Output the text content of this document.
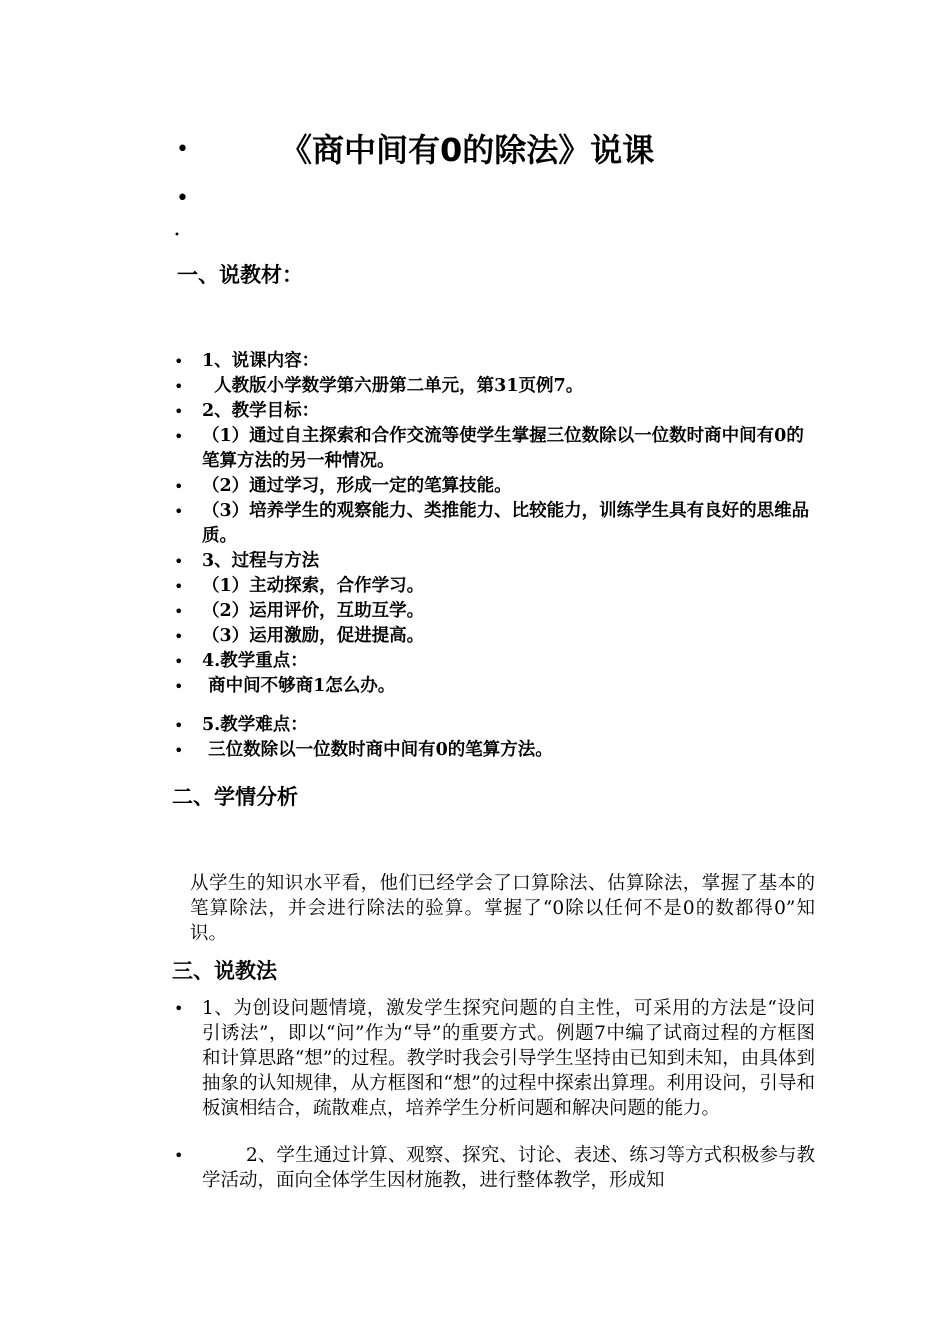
•	《商中间有0的除法》说课
•
•
一、说教材：
• 1、说课内容：
•   人教版小学数学第六册第二单元，第31页例7。
• 2、教学目标：
• （1）通过自主探索和合作交流等使学生掌握三位数除以一位数时商中间有0的笔算方法的另一种情况。
• （2）通过学习，形成一定的笔算技能。
• （3）培养学生的观察能力、类推能力、比较能力，训练学生具有良好的思维品质。
• 3、过程与方法
• （1）主动探索，合作学习。
• （2）运用评价，互助互学。
• （3）运用激励，促进提高。
• 4.教学重点：
•  商中间不够商1怎么办。
• 5.教学难点：
•  三位数除以一位数时商中间有0的笔算方法。
二、学情分析
从学生的知识水平看，他们已经学会了口算除法、估算除法，掌握了基本的笔算除法，并会进行除法的验算。掌握了“0除以任何不是0的数都得0”知识。
三、说教法
• 1、为创设问题情境，激发学生探究问题的自主性，可采用的方法是“设问引诱法”，即以“问”作为“导”的重要方式。例题7中编了试商过程的方框图和计算思路“想”的过程。教学时我会引导学生坚持由已知到未知，由具体到抽象的认知规律，从方框图和“想”的过程中探索出算理。利用设问，引导和板演相结合，疏散难点，培养学生分析问题和解决问题的能力。
• 2、学生通过计算、观察、探究、讨论、表述、练习等方式积极参与教学活动，面向全体学生因材施教，进行整体教学，形成知
